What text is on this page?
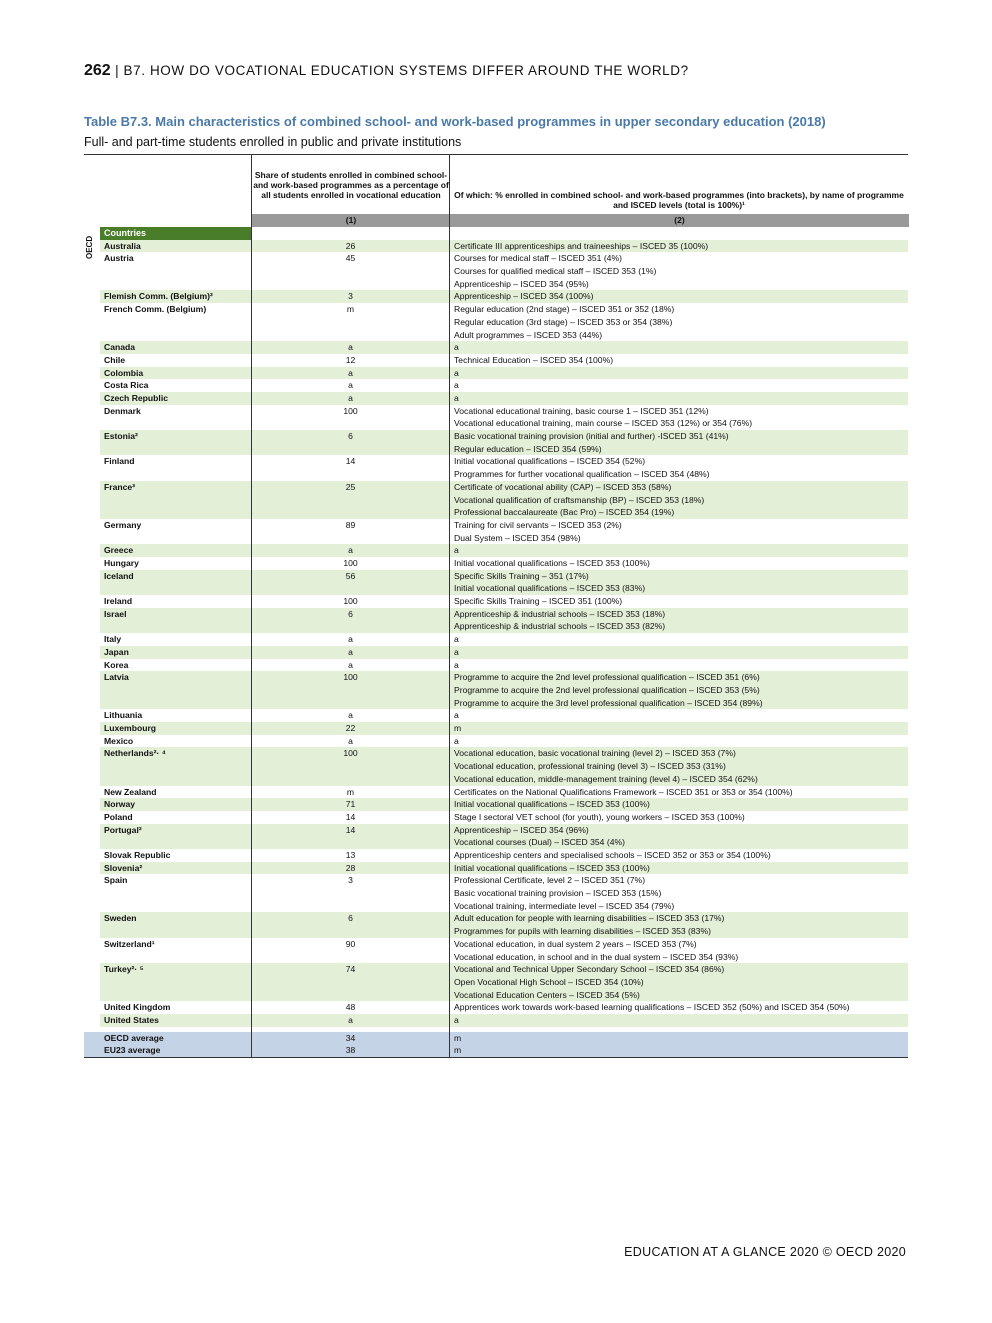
262 | B7. HOW DO VOCATIONAL EDUCATION SYSTEMS DIFFER AROUND THE WORLD?
Table B7.3. Main characteristics of combined school- and work-based programmes in upper secondary education (2018)
Full- and part-time students enrolled in public and private institutions
OECD
Share of students enrolled in combined school- and work-based programmes as a percentage of all students enrolled in vocational education	Of which: % enrolled in combined school- and work-based programmes (into brackets), by name of programme and ISCED levels (total is 100%)¹
(1)	(2)
Countries
Australia	26	Certificate III apprenticeships and traineeships – ISCED 35 (100%)
Austria	45	Courses for medical staff – ISCED 351 (4%)
Courses for qualified medical staff – ISCED 353 (1%)
Apprenticeship – ISCED 354 (95%)
Flemish Comm. (Belgium)²	3	Apprenticeship – ISCED 354 (100%)
French Comm. (Belgium)	m	Regular education (2nd stage) – ISCED 351 or 352 (18%)
Regular education (3rd stage) – ISCED 353 or 354 (38%)
Adult programmes – ISCED 353 (44%)
Canada	a	a
Chile	12	Technical Education – ISCED 354 (100%)
Colombia	a	a
Costa Rica	a	a
Czech Republic	a	a
Denmark	100	Vocational educational training, basic course 1 – ISCED 351 (12%)
Vocational educational training, main course – ISCED 353 (12%) or 354 (76%)
Estonia²	6	Basic vocational training provision (initial and further) -ISCED 351 (41%)
Regular education – ISCED 354 (59%)
Finland	14	Initial vocational qualifications – ISCED 354 (52%)
Programmes for further vocational qualification – ISCED 354 (48%)
France³	25	Certificate of vocational ability (CAP) – ISCED 353 (58%)
Vocational qualification of craftsmanship (BP) – ISCED 353 (18%)
Professional baccalaureate (Bac Pro) – ISCED 354 (19%)
Germany	89	Training for civil servants – ISCED 353 (2%)
Dual System – ISCED 354 (98%)
Greece	a	a
Hungary	100	Initial vocational qualifications – ISCED 353 (100%)
Iceland	56	Specific Skills Training – 351 (17%)
Initial vocational qualifications – ISCED 353 (83%)
Ireland	100	Specific Skills Training – ISCED 351 (100%)
Israel	6	Apprenticeship & industrial schools – ISCED 353 (18%)
Apprenticeship & industrial schools – ISCED 353 (82%)
Italy	a	a
Japan	a	a
Korea	a	a
Latvia	100	Programme to acquire the 2nd level professional qualification – ISCED 351 (6%)
Programme to acquire the 2nd level professional qualification – ISCED 353 (5%)
Programme to acquire the 3rd level professional qualification – ISCED 354 (89%)
Lithuania	a	a
Luxembourg	22	m
Mexico	a	a
Netherlands²· ⁴	100	Vocational education, basic vocational training (level 2) – ISCED 353 (7%)
Vocational education, professional training (level 3) – ISCED 353 (31%)
Vocational education, middle-management training (level 4) – ISCED 354 (62%)
New Zealand	m	Certificates on the National Qualifications Framework – ISCED 351 or 353 or 354 (100%)
Norway	71	Initial vocational qualifications – ISCED 353 (100%)
Poland	14	Stage I sectoral VET school (for youth), young workers – ISCED 353 (100%)
Portugal²	14	Apprenticeship – ISCED 354 (96%)
Vocational courses (Dual) – ISCED 354 (4%)
Slovak Republic	13	Apprenticeship centers and specialised schools – ISCED 352 or 353 or 354 (100%)
Slovenia²	28	Initial vocational qualifications – ISCED 353 (100%)
Spain	3	Professional Certificate, level 2 – ISCED 351 (7%)
Basic vocational training provision – ISCED 353 (15%)
Vocational training, intermediate level – ISCED 354 (79%)
Sweden	6	Adult education for people with learning disabilities – ISCED 353 (17%)
Programmes for pupils with learning disabilities – ISCED 353 (83%)
Switzerland¹	90	Vocational education, in dual system 2 years – ISCED 353 (7%)
Vocational education, in school and in the dual system – ISCED 354 (93%)
Turkey²· ⁵	74	Vocational and Technical Upper Secondary School – ISCED 354 (86%)
Open Vocational High School – ISCED 354 (10%)
Vocational Education Centers – ISCED 354 (5%)
United Kingdom	48	Apprentices work towards work-based learning qualifications – ISCED 352 (50%) and ISCED 354 (50%)
United States	a	a
OECD average	34	m
EU23 average	38	m
EDUCATION AT A GLANCE 2020 © OECD 2020
